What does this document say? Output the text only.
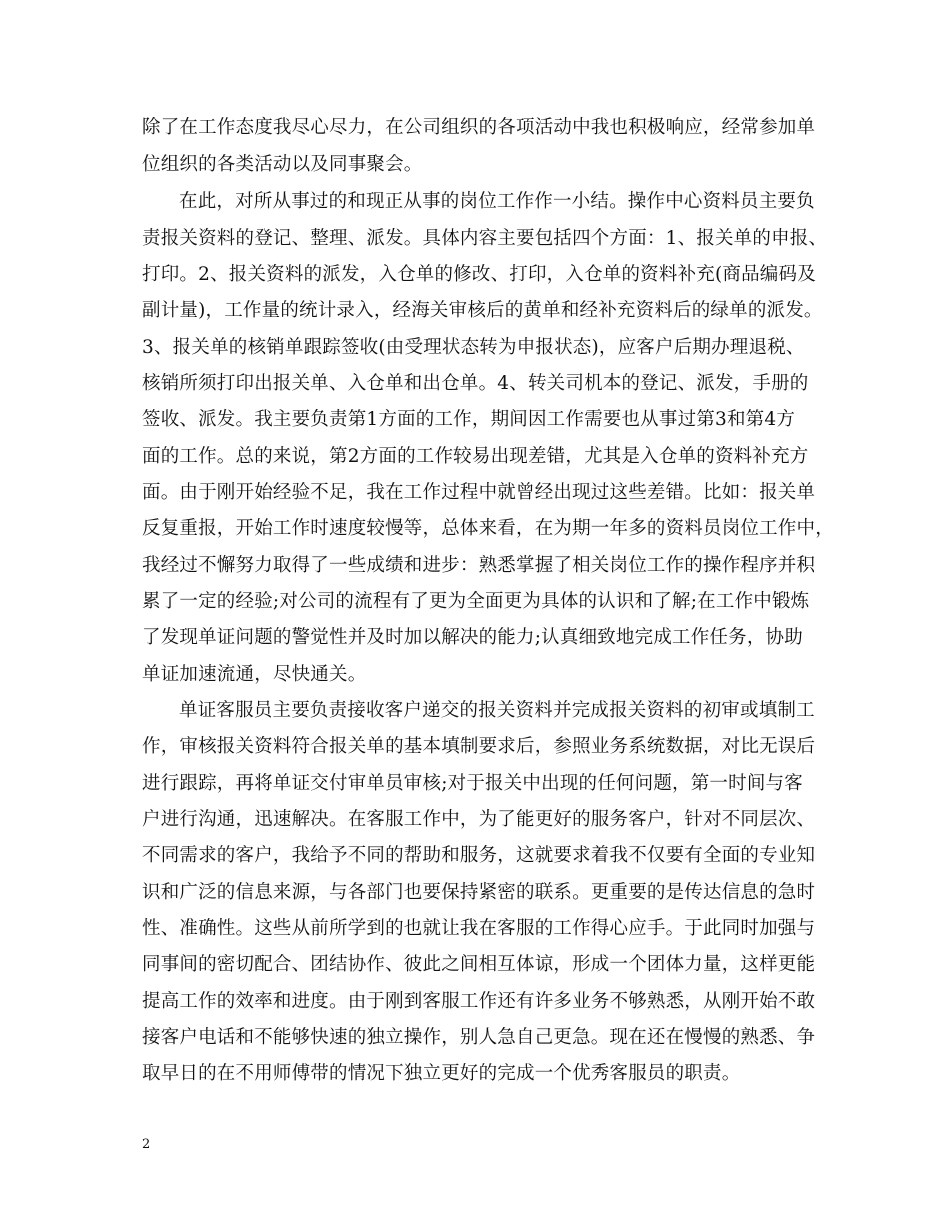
除了在工作态度我尽心尽力，在公司组织的各项活动中我也积极响应，经常参加单
位组织的各类活动以及同事聚会。
在此，对所从事过的和现正从事的岗位工作作一小结。操作中心资料员主要负
责报关资料的登记、整理、派发。具体内容主要包括四个方面：1、报关单的申报、
打印。2、报关资料的派发，入仓单的修改、打印，入仓单的资料补充(商品编码及
副计量)，工作量的统计录入，经海关审核后的黄单和经补充资料后的绿单的派发。
3、报关单的核销单跟踪签收(由受理状态转为申报状态)，应客户后期办理退税、
核销所须打印出报关单、入仓单和出仓单。4、转关司机本的登记、派发，手册的
签收、派发。我主要负责第1方面的工作，期间因工作需要也从事过第3和第4方
面的工作。总的来说，第2方面的工作较易出现差错，尤其是入仓单的资料补充方
面。由于刚开始经验不足，我在工作过程中就曾经出现过这些差错。比如：报关单
反复重报，开始工作时速度较慢等，总体来看，在为期一年多的资料员岗位工作中，
我经过不懈努力取得了一些成绩和进步：熟悉掌握了相关岗位工作的操作程序并积
累了一定的经验;对公司的流程有了更为全面更为具体的认识和了解;在工作中锻炼
了发现单证问题的警觉性并及时加以解决的能力;认真细致地完成工作任务，协助
单证加速流通，尽快通关。
单证客服员主要负责接收客户递交的报关资料并完成报关资料的初审或填制工
作，审核报关资料符合报关单的基本填制要求后，参照业务系统数据，对比无误后
进行跟踪，再将单证交付审单员审核;对于报关中出现的任何问题，第一时间与客
户进行沟通，迅速解决。在客服工作中，为了能更好的服务客户，针对不同层次、
不同需求的客户，我给予不同的帮助和服务，这就要求着我不仅要有全面的专业知
识和广泛的信息来源，与各部门也要保持紧密的联系。更重要的是传达信息的急时
性、准确性。这些从前所学到的也就让我在客服的工作得心应手。于此同时加强与
同事间的密切配合、团结协作、彼此之间相互体谅，形成一个团体力量，这样更能
提高工作的效率和进度。由于刚到客服工作还有许多业务不够熟悉，从刚开始不敢
接客户电话和不能够快速的独立操作，别人急自己更急。现在还在慢慢的熟悉、争
取早日的在不用师傅带的情况下独立更好的完成一个优秀客服员的职责。
2
